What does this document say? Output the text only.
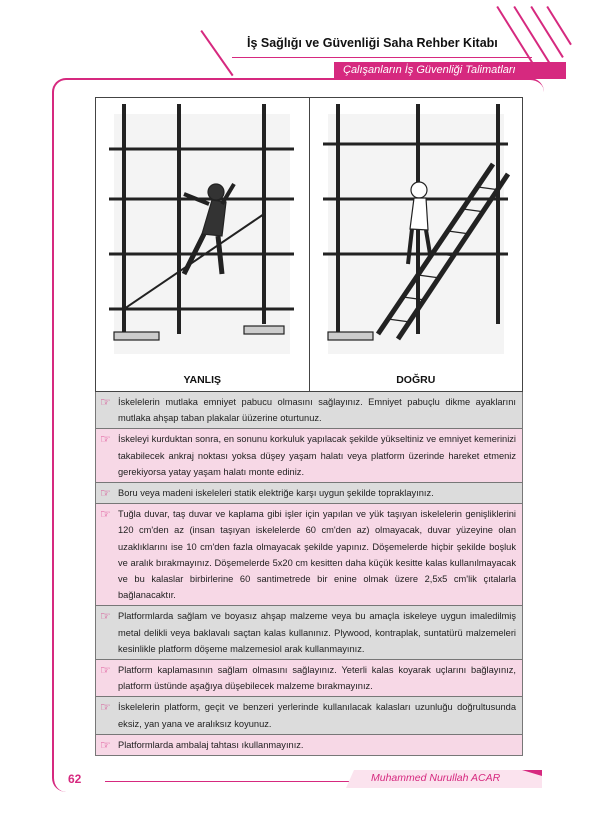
İş Sağlığı ve Güvenliği Saha Rehber Kitabı
Çalışanların İş Güvenliği Talimatları
YANLIŞ	DOĞRU
☞ İskelelerin mutlaka emniyet pabucu olmasını sağlayınız. Emniyet pabuçlu dikme ayaklarını mutlaka ahşap taban plakalar üüzerine oturtunuz.
☞ İskeleyi kurduktan sonra, en sonunu korkuluk yapılacak şekilde yükseltiniz ve emniyet kemerinizi takabilecek ankraj noktası yoksa düşey yaşam halatı veya platform üzerinde hareket etmeniz gerekiyorsa yatay yaşam halatı monte ediniz.
☞ Boru veya madeni iskeleleri statik elektriğe karşı uygun şekilde topraklayınız.
☞ Tuğla duvar, taş duvar ve kaplama gibi işler için yapılan ve yük taşıyan iskelelerin genişliklerini 120 cm'den az (insan taşıyan iskelelerde 60 cm'den az) olmayacak, duvar yüzeyine olan uzaklıklarını ise 10 cm'den fazla olmayacak şekilde yapınız. Döşemelerde hiçbir şekilde boşluk ve aralık bırakmayınız. Döşemelerde 5x20 cm kesitten daha küçük kesitte kalas kullanılmayacak ve bu kalaslar birbirlerine 60 santimetrede bir enine olmak üzere 2,5x5 cm'lik çıtalarla bağlanacaktır.
☞ Platformlarda sağlam ve boyasız ahşap malzeme veya bu amaçla iskeleye uygun imaledilmiş metal delikli veya baklavalı saçtan kalas kullanınız. Plywood, kontraplak, suntatürü malzemeleri kesinlikle platform döşeme malzemesiol arak kullanmayınız.
☞ Platform kaplamasının sağlam olmasını sağlayınız. Yeterli kalas koyarak uçlarını bağlayınız, platform üstünde aşağıya düşebilecek malzeme bırakmayınız.
☞ İskelelerin platform, geçit ve benzeri yerlerinde kullanılacak kalasları uzunluğu doğrultusunda eksiz, yan yana ve aralıksız koyunuz.
☞ Platformlarda ambalaj tahtası ıkullanmayınız.
62	Muhammed Nurullah ACAR
